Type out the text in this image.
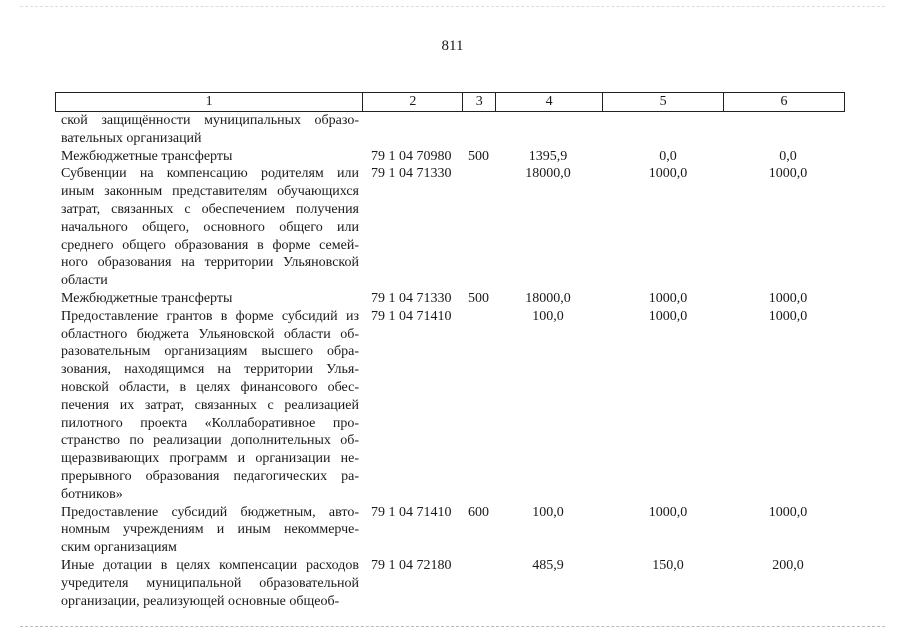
811
1	2	3	4	5	6
ской защищённости муниципальных образо-
вательных организаций
Межбюджетные трансферты	79 1 04 70980 500	1395,9	0,0	0,0
Субвенции на компенсацию родителям или
иным законным представителям обучающихся
затрат, связанных с обеспечением получения
начального общего, основного общего или
среднего общего образования в форме семей-
ного образования на территории Ульяновской
области
79 1 04 71330	18000,0	1000,0	1000,0
Межбюджетные трансферты	79 1 04 71330 500	18000,0	1000,0	1000,0
Предоставление грантов в форме субсидий из
областного бюджета Ульяновской области об-
разовательным организациям высшего обра-
зования, находящимся на территории Улья-
новской области, в целях финансового обес-
печения их затрат, связанных с реализацией
пилотного проекта «Коллаборативное про-
странство по реализации дополнительных об-
щеразвивающих программ и организации не-
прерывного образования педагогических ра-
ботников»
79 1 04 71410	100,0	1000,0	1000,0
Предоставление субсидий бюджетным, авто-
номным учреждениям и иным некоммерче-
ским организациям
79 1 04 71410 600	100,0	1000,0	1000,0
Иные дотации в целях компенсации расходов
учредителя муниципальной образовательной
организации, реализующей основные общеоб-
79 1 04 72180	485,9	150,0	200,0
